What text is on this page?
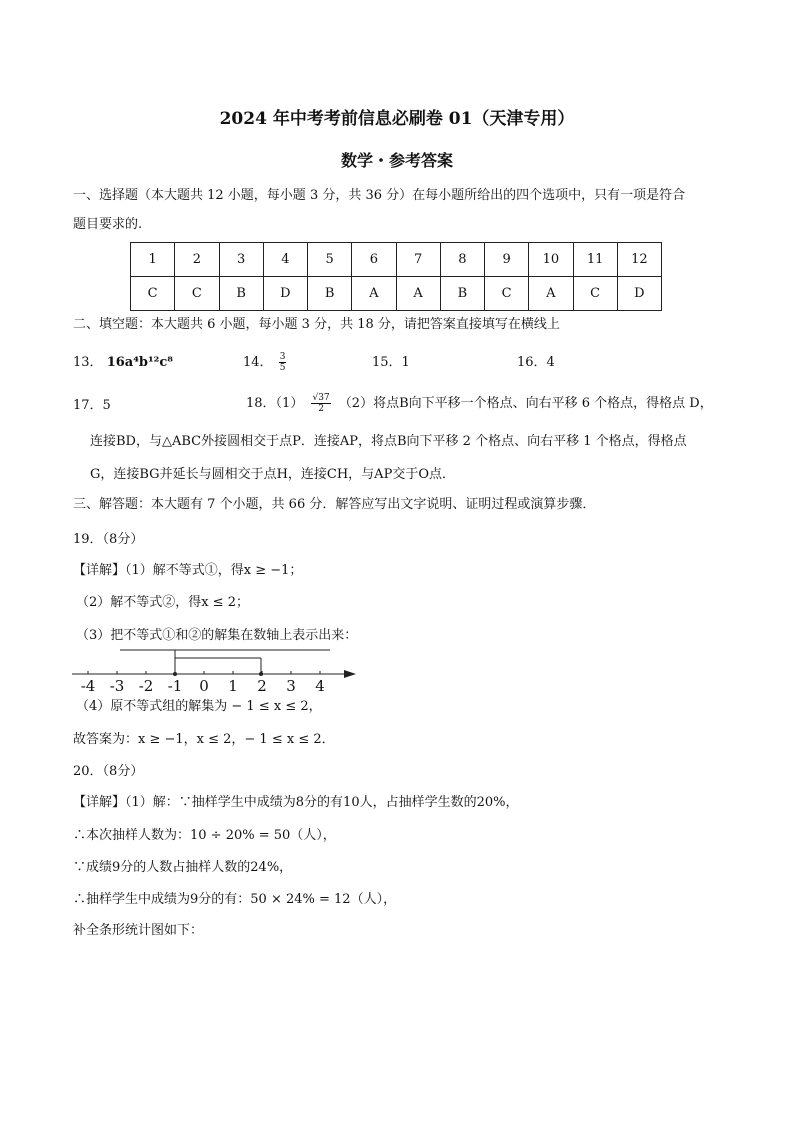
2024 年中考考前信息必刷卷 01（天津专用）
数学・参考答案
一、选择题（本大题共 12 小题，每小题 3 分，共 36 分）在每小题所给出的四个选项中，只有一项是符合
题目要求的.
1	2	3	4	5	6	7	8	9	10	11	12
C	C	B	D	B	A	A	B	C	A	C	D
二、填空题：本大题共 6 小题，每小题 3 分，共 18 分，请把答案直接填写在横线上
13． 16a⁴b¹²c⁸	14． $\frac{3}{5}$	15．1	16．4
17．5	18．$(1) \frac{√37}{2} (2)$将点B向下平移一个格点、向右平移 6 个格点，得格点 D，
连接BD，与△ABC外接圆相交于点P．连接AP，将点B向下平移 2 个格点、向右平移 1 个格点，得格点
G，连接BG并延长与圆相交于点H，连接CH，与AP交于O点．
三、解答题：本大题有 7 个小题，共 66 分．解答应写出文字说明、证明过程或演算步骤．
19．（8分）
【详解】（1）解不等式①，得x ≥ −1；
（2）解不等式②，得x ≤ 2；
（3）把不等式①和②的解集在数轴上表示出来：
-4 -3 -2 -1 0 1 2 3 4
（4）原不等式组的解集为 − 1 ≤ x ≤ 2，
故答案为：x ≥ −1，x ≤ 2，− 1 ≤ x ≤ 2．
20．（8分）
【详解】（1）解：∵抽样学生中成绩为8分的有10人，占抽样学生数的20%，
∴本次抽样人数为：10 ÷ 20% = 50（人），
∵成绩9分的人数占抽样人数的24%，
∴抽样学生中成绩为9分的有：50 × 24% = 12（人），
补全条形统计图如下：
